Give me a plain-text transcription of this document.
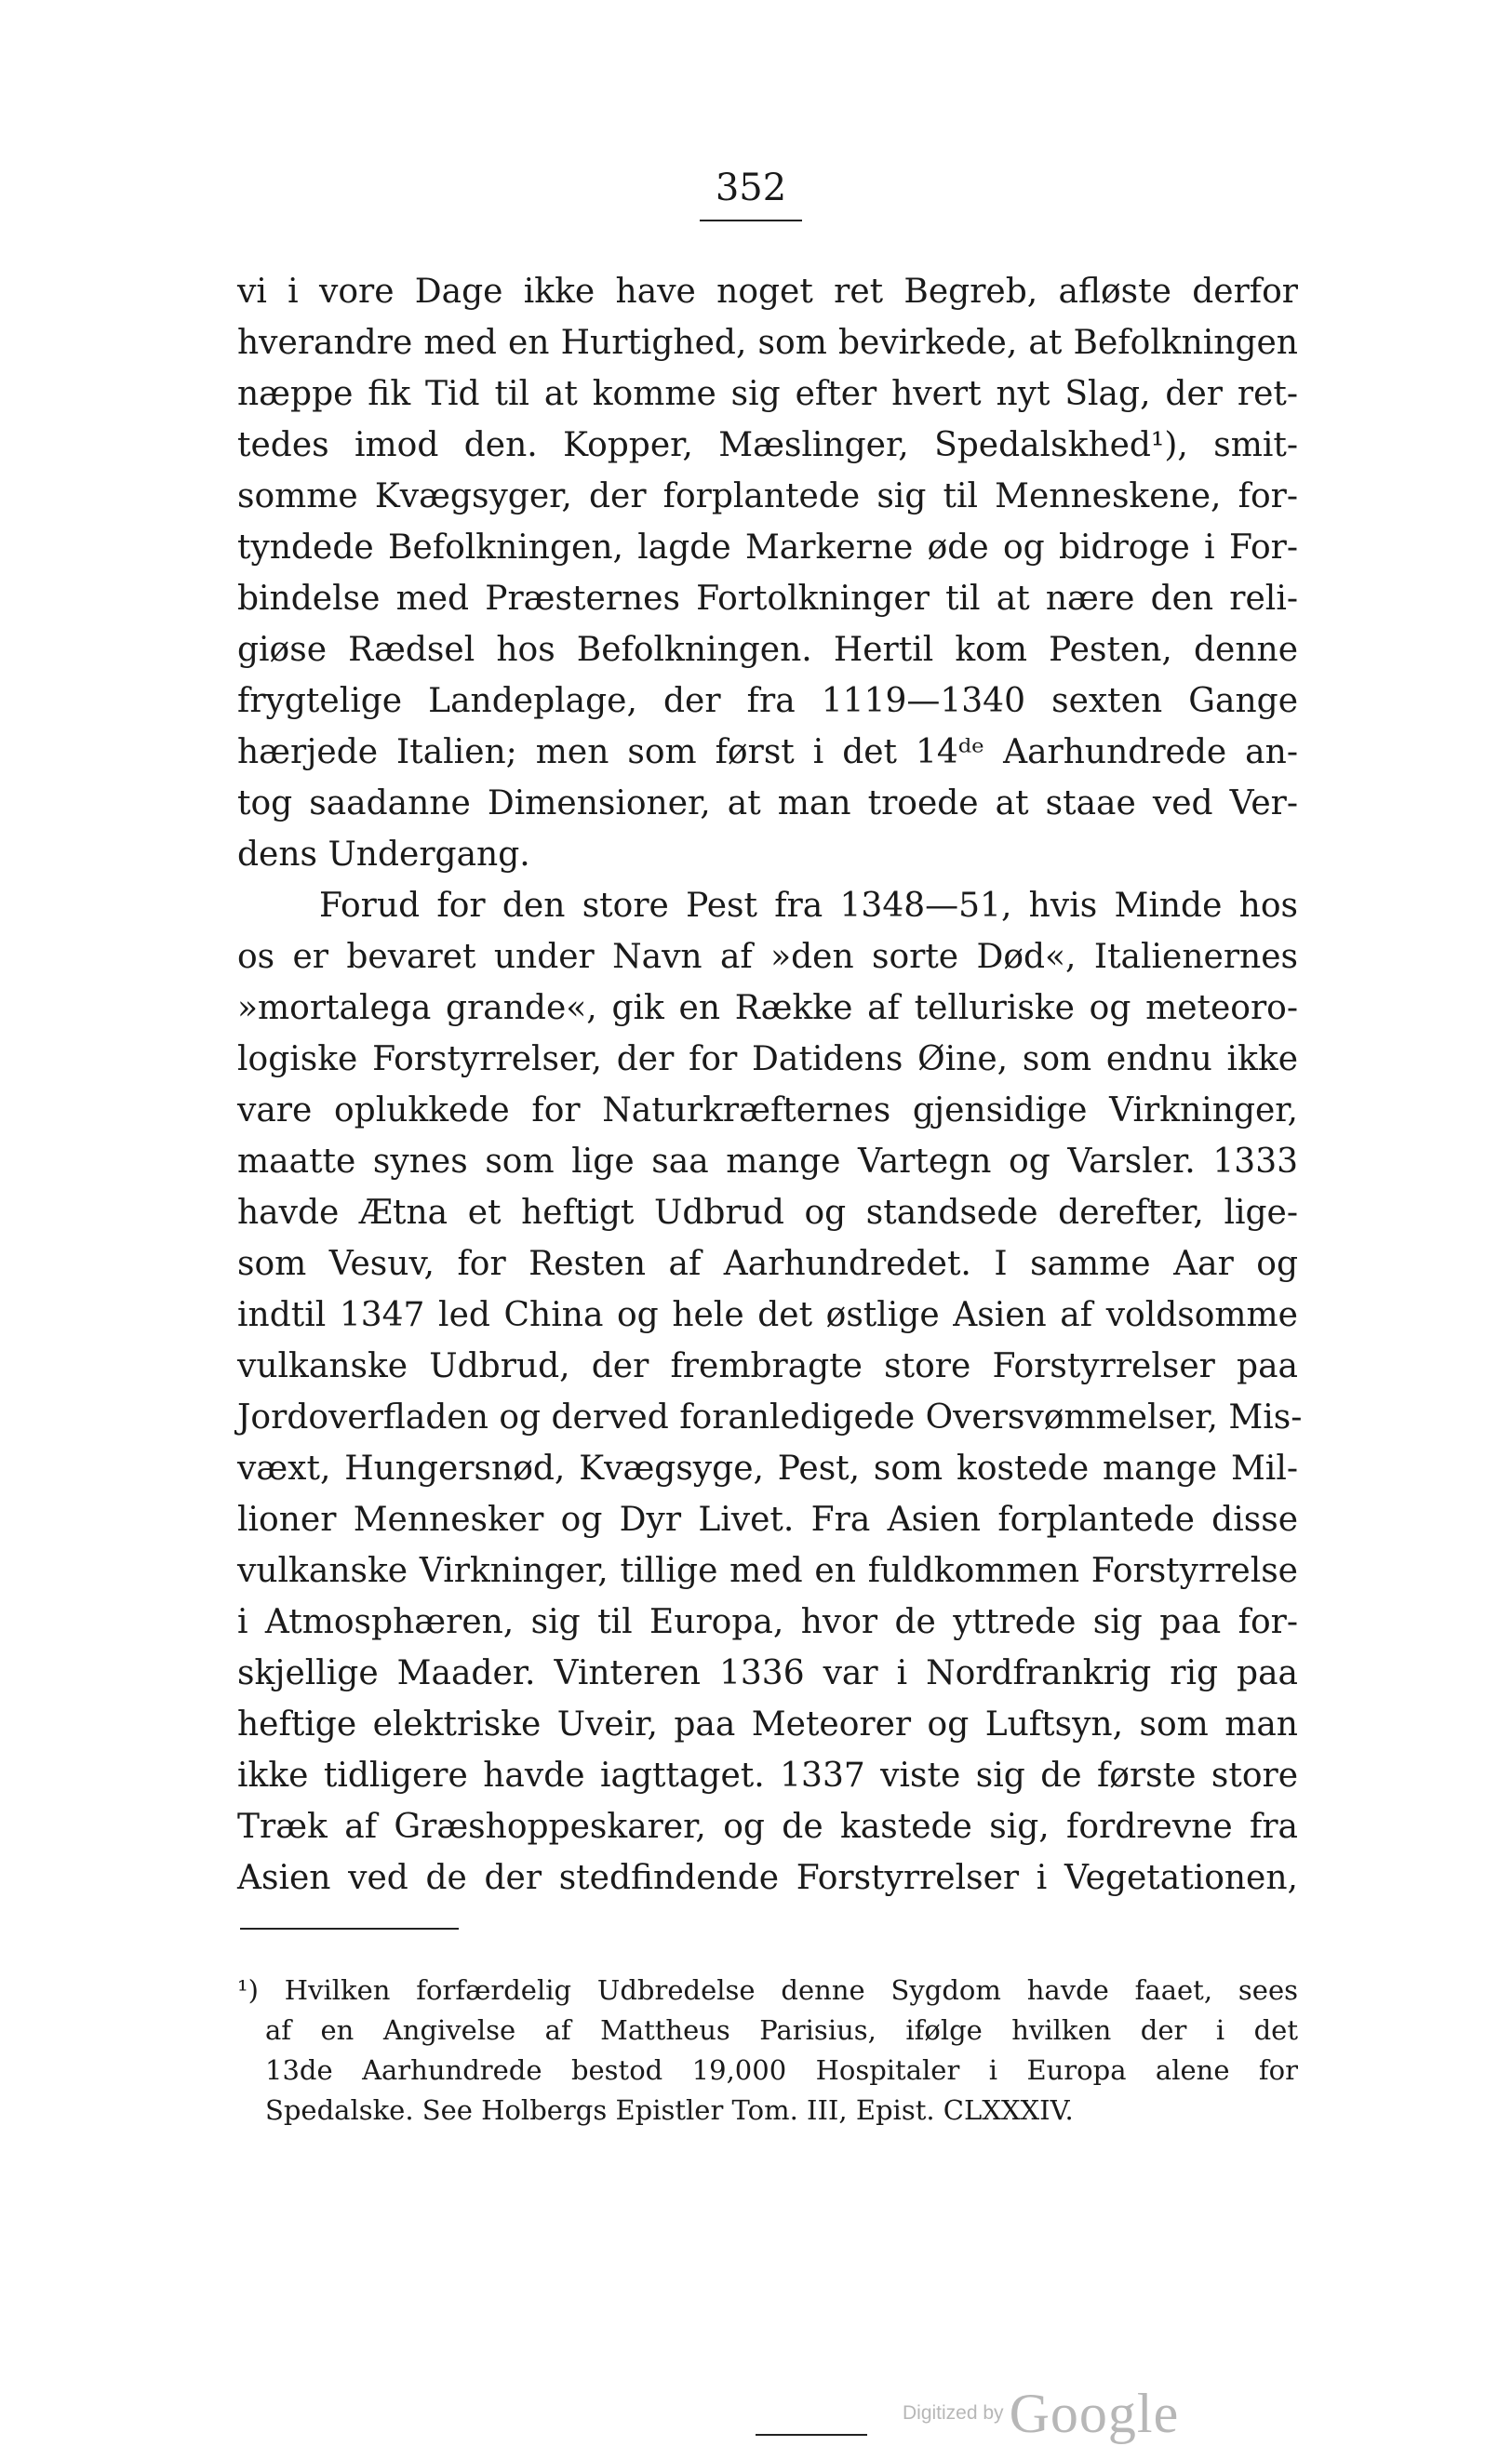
352
vi i vore Dage ikke have noget ret Begreb, afløste derfor
hverandre med en Hurtighed, som bevirkede, at Befolkningen
næppe fik Tid til at komme sig efter hvert nyt Slag, der ret-
tedes imod den. Kopper, Mæslinger, Spedalskhed¹), smit-
somme Kvægsyger, der forplantede sig til Menneskene, for-
tyndede Befolkningen, lagde Markerne øde og bidroge i For-
bindelse med Præsternes Fortolkninger til at nære den reli-
giøse Rædsel hos Befolkningen. Hertil kom Pesten, denne
frygtelige Landeplage, der fra 1119—1340 sexten Gange
hærjede Italien; men som først i det 14ᵈᵉ Aarhundrede an-
tog saadanne Dimensioner, at man troede at staae ved Ver-
dens Undergang.
Forud for den store Pest fra 1348—51, hvis Minde hos
os er bevaret under Navn af »den sorte Død«, Italienernes
»mortalega grande«, gik en Række af telluriske og meteoro-
logiske Forstyrrelser, der for Datidens Øine, som endnu ikke
vare oplukkede for Naturkræfternes gjensidige Virkninger,
maatte synes som lige saa mange Vartegn og Varsler. 1333
havde Ætna et heftigt Udbrud og standsede derefter, lige-
som Vesuv, for Resten af Aarhundredet. I samme Aar og
indtil 1347 led China og hele det østlige Asien af voldsomme
vulkanske Udbrud, der frembragte store Forstyrrelser paa
Jordoverfladen og derved foranledigede Oversvømmelser, Mis-
væxt, Hungersnød, Kvægsyge, Pest, som kostede mange Mil-
lioner Mennesker og Dyr Livet. Fra Asien forplantede disse
vulkanske Virkninger, tillige med en fuldkommen Forstyrrelse
i Atmosphæren, sig til Europa, hvor de yttrede sig paa for-
skjellige Maader. Vinteren 1336 var i Nordfrankrig rig paa
heftige elektriske Uveir, paa Meteorer og Luftsyn, som man
ikke tidligere havde iagttaget. 1337 viste sig de første store
Træk af Græshoppeskarer, og de kastede sig, fordrevne fra
Asien ved de der stedfindende Forstyrrelser i Vegetationen,
¹) Hvilken forfærdelig Udbredelse denne Sygdom havde faaet, sees
af en Angivelse af Mattheus Parisius, ifølge hvilken der i det
13de Aarhundrede bestod 19,000 Hospitaler i Europa alene for
Spedalske. See Holbergs Epistler Tom. III, Epist. CLXXXIV.
Digitized by Google
